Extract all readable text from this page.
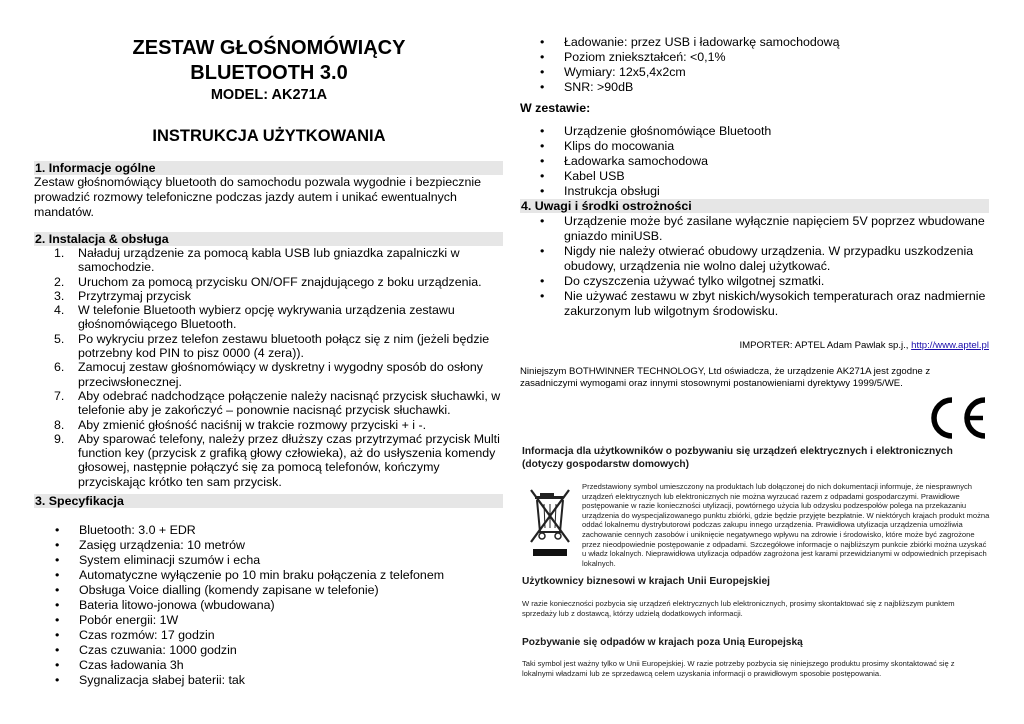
ZESTAW GŁOŚNOMÓWIĄCY
BLUETOOTH 3.0
MODEL: AK271A
INSTRUKCJA UŻYTKOWANIA
1. Informacje ogólne
Zestaw głośnomówiący bluetooth do samochodu pozwala wygodnie i bezpiecznie prowadzić rozmowy telefoniczne podczas jazdy autem i unikać ewentualnych mandatów.
2. Instalacja & obsługa
1. Naładuj urządzenie za pomocą kabla USB lub gniazdka zapalniczki w samochodzie.
2. Uruchom za pomocą przycisku ON/OFF znajdującego z boku urządzenia.
3. Przytrzymaj przycisk
4. W telefonie Bluetooth wybierz opcję wykrywania urządzenia zestawu głośnomówiącego Bluetooth.
5. Po wykryciu przez telefon zestawu bluetooth połącz się z nim (jeżeli będzie potrzebny kod PIN to pisz 0000 (4 zera)).
6. Zamocuj zestaw głośnomówiący w dyskretny i wygodny sposób do osłony przeciwsłonecznej.
7. Aby odebrać nadchodzące połączenie należy nacisnąć przycisk słuchawki, w telefonie aby je zakończyć – ponownie nacisnąć przycisk słuchawki.
8. Aby zmienić głośność naciśnij w trakcie rozmowy przyciski + i -.
9. Aby sparować telefony, należy przez dłuższy czas przytrzymać przycisk Multi function key (przycisk z grafiką głowy człowieka), aż do usłyszenia komendy głosowej, następnie połączyć się za pomocą telefonów, kończymy przyciskając krótko ten sam przycisk.
3. Specyfikacja
• Bluetooth: 3.0 + EDR
• Zasięg urządzenia: 10 metrów
• System eliminacji szumów i echa
• Automatyczne wyłączenie po 10 min braku połączenia z telefonem
• Obsługa Voice dialling (komendy zapisane w telefonie)
• Bateria litowo-jonowa (wbudowana)
• Pobór energii: 1W
• Czas rozmów: 17 godzin
• Czas czuwania: 1000 godzin
• Czas ładowania 3h
• Sygnalizacja słabej baterii: tak
• Ładowanie: przez USB i ładowarkę samochodową
• Poziom zniekształceń: <0,1%
• Wymiary: 12x5,4x2cm
• SNR: >90dB
W zestawie:
• Urządzenie głośnomówiące Bluetooth
• Klips do mocowania
• Ładowarka samochodowa
• Kabel USB
• Instrukcja obsługi
4. Uwagi i środki ostrożności
• Urządzenie może być zasilane wyłącznie napięciem 5V poprzez wbudowane gniazdo miniUSB.
• Nigdy nie należy otwierać obudowy urządzenia. W przypadku uszkodzenia obudowy, urządzenia nie wolno dalej użytkować.
• Do czyszczenia używać tylko wilgotnej szmatki.
• Nie używać zestawu w zbyt niskich/wysokich temperaturach oraz nadmiernie zakurzonym lub wilgotnym środowisku.
IMPORTER: APTEL Adam Pawlak sp.j., http://www.aptel.pl
Niniejszym BOTHWINNER TECHNOLOGY, Ltd oświadcza, że urządzenie AK271A jest zgodne z zasadniczymi wymogami oraz innymi stosownymi postanowieniami dyrektywy 1999/5/WE.
Informacja dla użytkowników o pozbywaniu się urządzeń elektrycznych i elektronicznych (dotyczy gospodarstw domowych)
Przedstawiony symbol umieszczony na produktach lub dołączonej do nich dokumentacji informuje, że niesprawnych urządzeń elektrycznych lub elektronicznych nie można wyrzucać razem z odpadami gospodarczymi. Prawidłowe postępowanie w razie konieczności utylizacji, powtórnego użycia lub odzysku podzespołów polega na przekazaniu urządzenia do wyspecjalizowanego punktu zbiórki, gdzie będzie przyjęte bezpłatnie. W niektórych krajach produkt można oddać lokalnemu dystrybutorowi podczas zakupu innego urządzenia. Prawidłowa utylizacja urządzenia umożliwia zachowanie cennych zasobów i uniknięcie negatywnego wpływu na zdrowie i środowisko, które może być zagrożone przez nieodpowiednie postępowanie z odpadami. Szczegółowe informacje o najbliższym punkcie zbiórki można uzyskać u władz lokalnych. Nieprawidłowa utylizacja odpadów zagrożona jest karami przewidzianymi w odpowiednich przepisach lokalnych.
Użytkownicy biznesowi w krajach Unii Europejskiej
W razie konieczności pozbycia się urządzeń elektrycznych lub elektronicznych, prosimy skontaktować się z najbliższym punktem sprzedaży lub z dostawcą, którzy udzielą dodatkowych informacji.
Pozbywanie się odpadów w krajach poza Unią Europejską
Taki symbol jest ważny tylko w Unii Europejskiej. W razie potrzeby pozbycia się niniejszego produktu prosimy skontaktować się z lokalnymi władzami lub ze sprzedawcą celem uzyskania informacji o prawidłowym sposobie postępowania.
